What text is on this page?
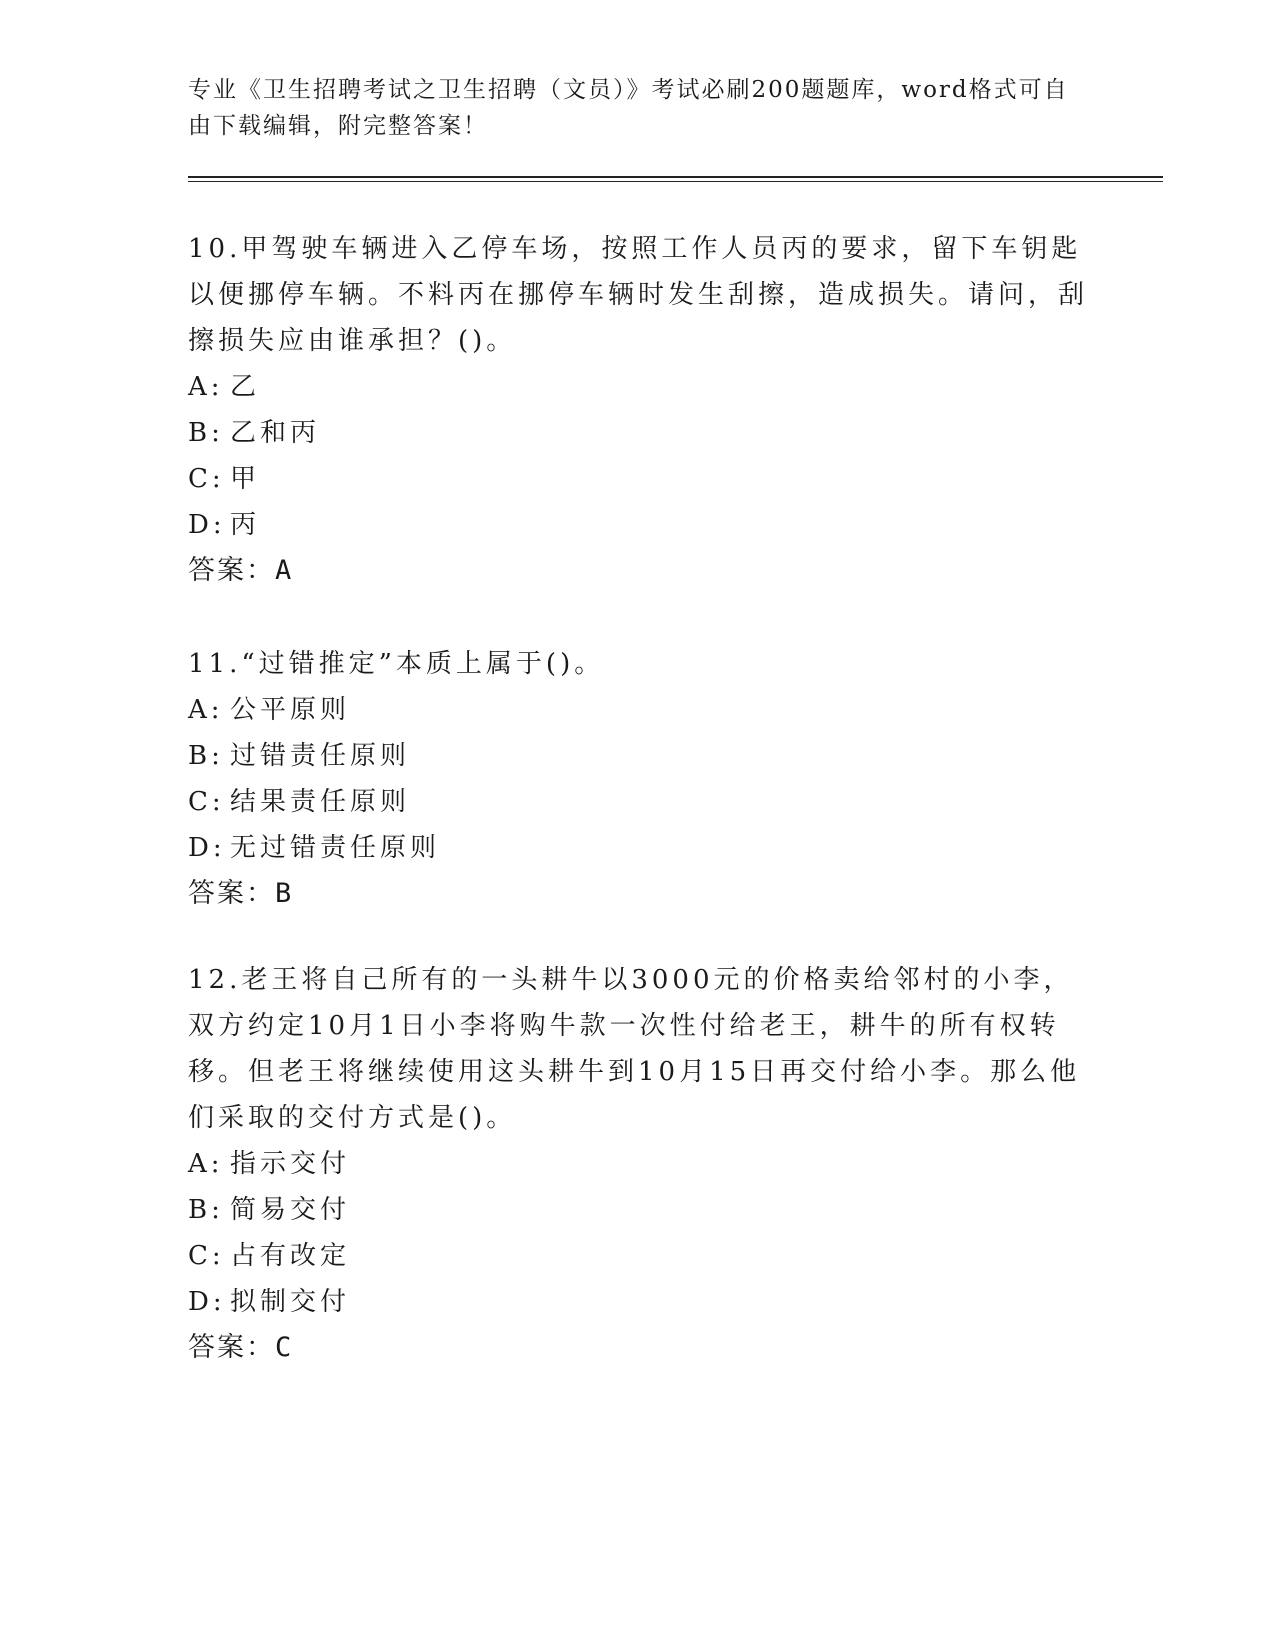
专业《卫生招聘考试之卫生招聘（文员）》考试必刷200题题库，word格式可自由下载编辑，附完整答案！

10.甲驾驶车辆进入乙停车场，按照工作人员丙的要求，留下车钥匙以便挪停车辆。不料丙在挪停车辆时发生刮擦，造成损失。请问，刮擦损失应由谁承担？()。

A: 乙
B: 乙和丙
C: 甲
D: 丙
答案：A

11.“过错推定”本质上属于()。

A: 公平原则
B: 过错责任原则
C: 结果责任原则
D: 无过错责任原则
答案：B

12.老王将自己所有的一头耕牛以3000元的价格卖给邻村的小李，双方约定10月1日小李将购牛款一次性付给老王，耕牛的所有权转移。但老王将继续使用这头耕牛到10月15日再交付给小李。那么他们采取的交付方式是()。

A: 指示交付
B: 简易交付
C: 占有改定
D: 拟制交付
答案：C
